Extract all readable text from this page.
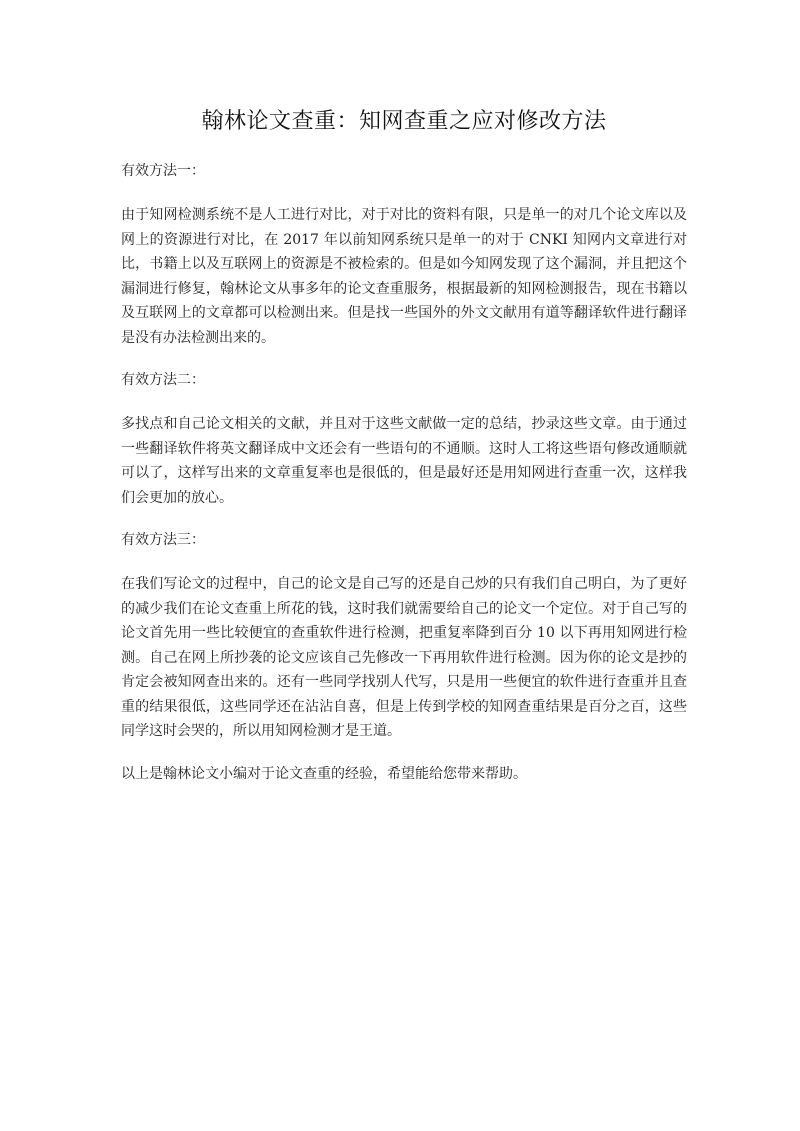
翰林论文查重：知网查重之应对修改方法

有效方法一：

由于知网检测系统不是人工进行对比，对于对比的资料有限，只是单一的对几个论文库以及网上的资源进行对比，在 2017 年以前知网系统只是单一的对于 CNKI 知网内文章进行对比，书籍上以及互联网上的资源是不被检索的。但是如今知网发现了这个漏洞，并且把这个漏洞进行修复，翰林论文从事多年的论文查重服务，根据最新的知网检测报告，现在书籍以及互联网上的文章都可以检测出来。但是找一些国外的外文文献用有道等翻译软件进行翻译是没有办法检测出来的。

有效方法二：

多找点和自己论文相关的文献，并且对于这些文献做一定的总结，抄录这些文章。由于通过一些翻译软件将英文翻译成中文还会有一些语句的不通顺。这时人工将这些语句修改通顺就可以了，这样写出来的文章重复率也是很低的，但是最好还是用知网进行查重一次，这样我们会更加的放心。

有效方法三：

在我们写论文的过程中，自己的论文是自己写的还是自己炒的只有我们自己明白，为了更好的减少我们在论文查重上所花的钱，这时我们就需要给自己的论文一个定位。对于自己写的论文首先用一些比较便宜的查重软件进行检测，把重复率降到百分 10 以下再用知网进行检测。自己在网上所抄袭的论文应该自己先修改一下再用软件进行检测。因为你的论文是抄的肯定会被知网查出来的。还有一些同学找别人代写，只是用一些便宜的软件进行查重并且查重的结果很低，这些同学还在沾沾自喜，但是上传到学校的知网查重结果是百分之百，这些同学这时会哭的，所以用知网检测才是王道。

以上是翰林论文小编对于论文查重的经验，希望能给您带来帮助。
